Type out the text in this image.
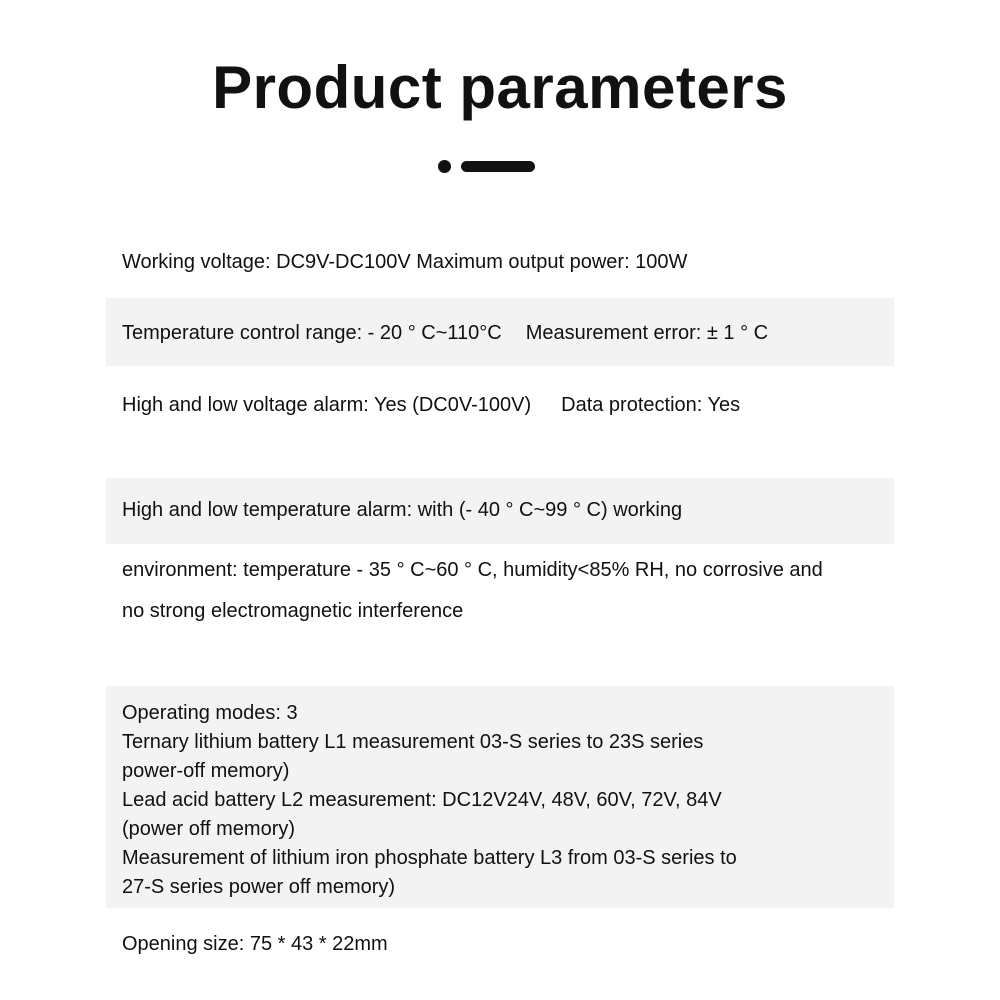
Product parameters

Working voltage: DC9V-DC100V Maximum output power: 100W

Temperature control range: - 20 ° C~110°C Measurement error: ± 1 ° C

High and low voltage alarm: Yes (DC0V-100V) Data protection: Yes

High and low temperature alarm: with (- 40 ° C~99 ° C) working

environment: temperature - 35 ° C~60 ° C, humidity<85% RH, no corrosive and

no strong electromagnetic interference

Operating modes: 3

Ternary lithium battery L1 measurement 03-S series to 23S series

power-off memory)

Lead acid battery L2 measurement: DC12V24V, 48V, 60V, 72V, 84V

(power off memory)

Measurement of lithium iron phosphate battery L3 from 03-S series to

27-S series power off memory)

Opening size: 75 * 43 * 22mm
